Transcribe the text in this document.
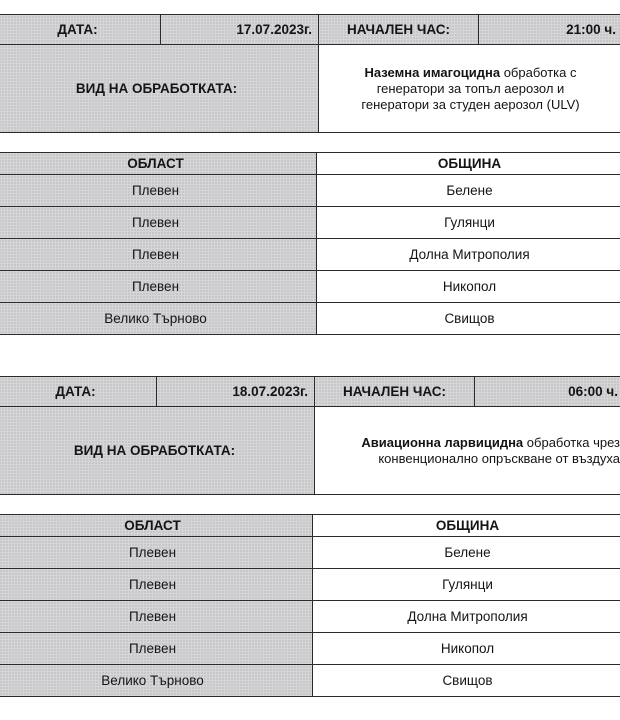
ДАТА:	17.07.2023г.	НАЧАЛЕН ЧАС:	21:00 ч.
ВИД НА ОБРАБОТКАТА:		Наземна имагоцидна обработка с
генератори за топъл аерозол и
генератори за студен аерозол (ULV)	
ОБЛАСТ	ОБЩИНА
Плевен	Белене
Плевен	Гулянци
Плевен	Долна Митрополия
Плевен	Никопол
Велико Търново	Свищов
ДАТА:	18.07.2023г.	НАЧАЛЕН ЧАС:	06:00 ч.
ВИД НА ОБРАБОТКАТА:		Авиационна ларвицидна обработка чрез
конвенционално опръскване от въздуха	
ОБЛАСТ	ОБЩИНА
Плевен	Белене
Плевен	Гулянци
Плевен	Долна Митрополия
Плевен	Никопол
Велико Търново	Свищов
